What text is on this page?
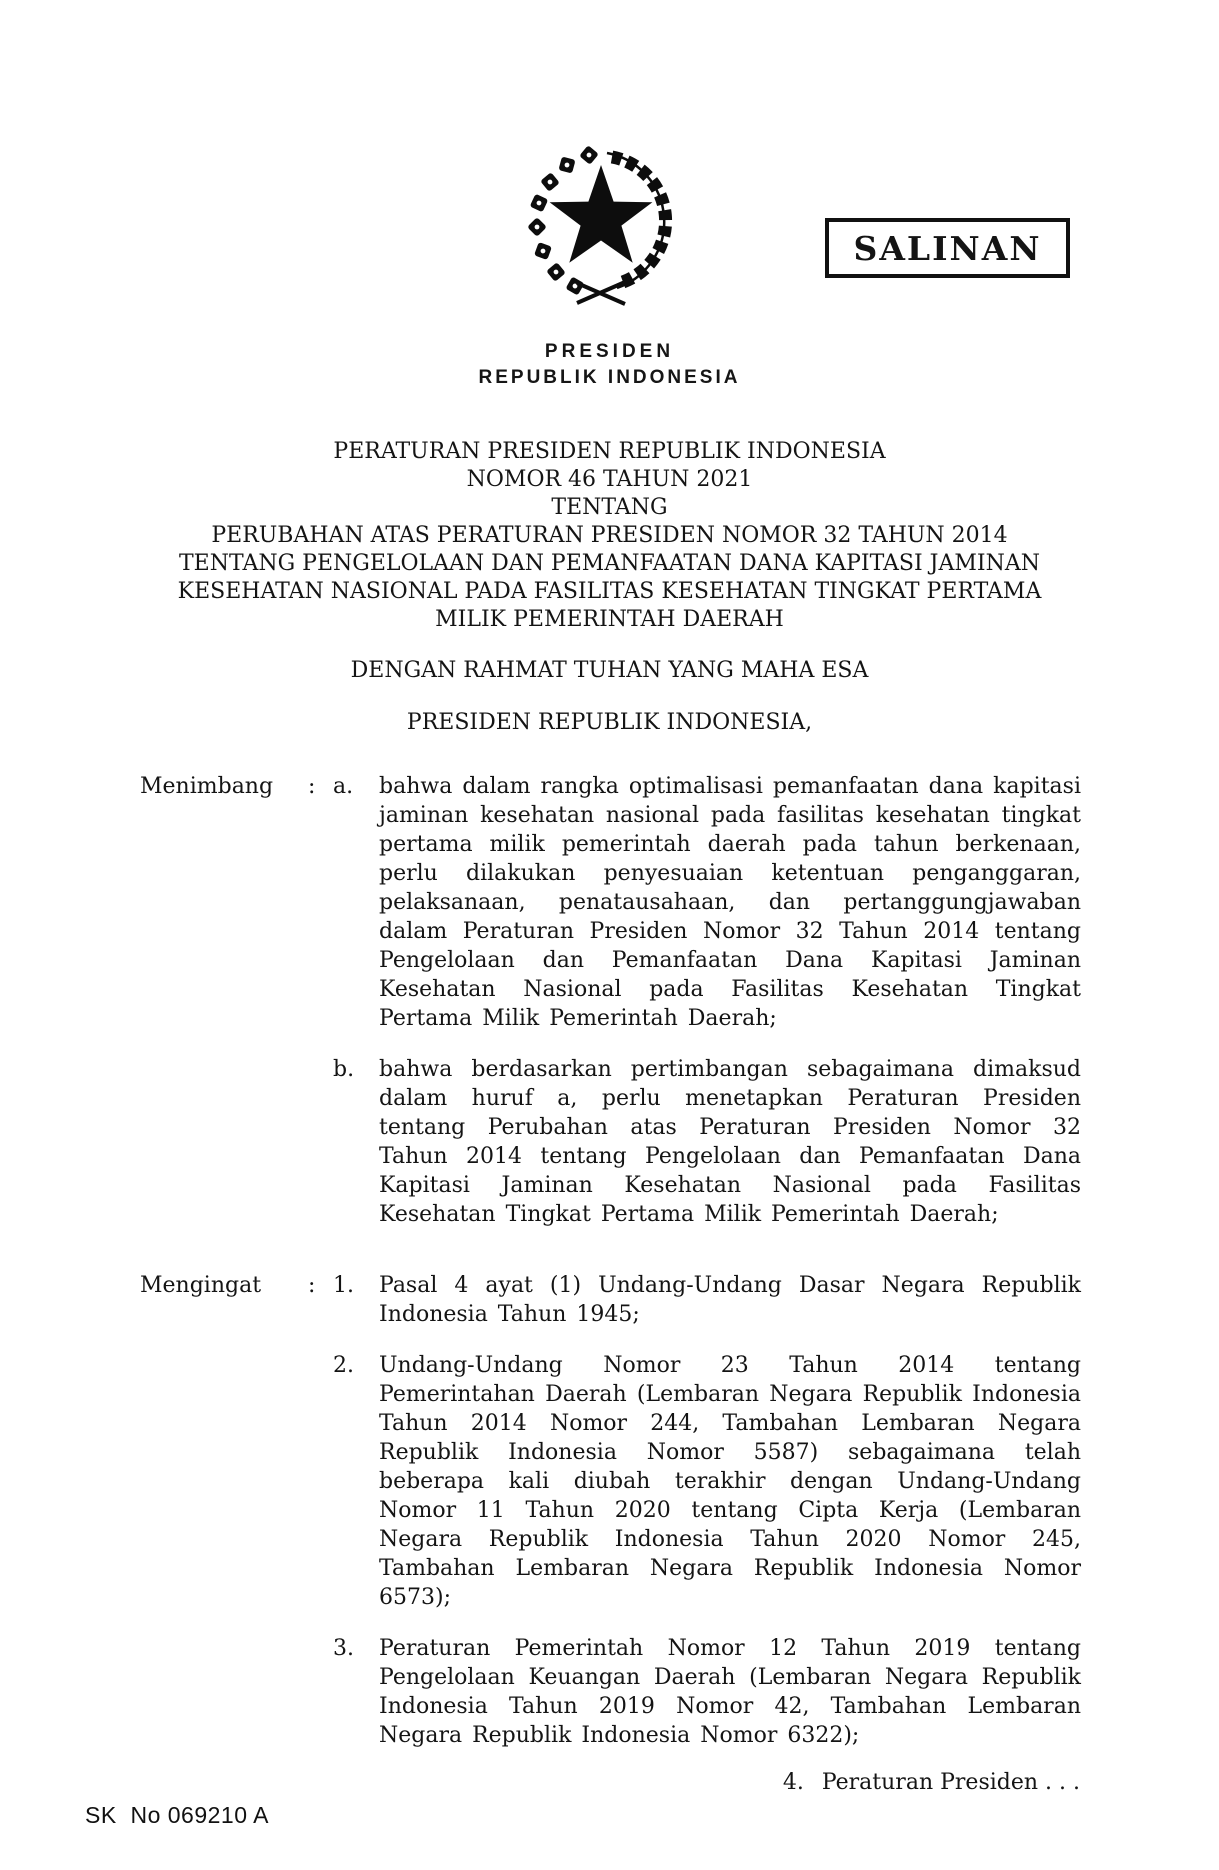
SALINAN
PRESIDEN
REPUBLIK INDONESIA
PERATURAN PRESIDEN REPUBLIK INDONESIA
NOMOR 46 TAHUN 2021
TENTANG
PERUBAHAN ATAS PERATURAN PRESIDEN NOMOR 32 TAHUN 2014
TENTANG PENGELOLAAN DAN PEMANFAATAN DANA KAPITASI JAMINAN
KESEHATAN NASIONAL PADA FASILITAS KESEHATAN TINGKAT PERTAMA
MILIK PEMERINTAH DAERAH
DENGAN RAHMAT TUHAN YANG MAHA ESA
PRESIDEN REPUBLIK INDONESIA,
Menimbang	: a.	bahwa dalam rangka optimalisasi pemanfaatan dana kapitasi jaminan kesehatan nasional pada fasilitas kesehatan tingkat pertama milik pemerintah daerah pada tahun berkenaan, perlu dilakukan penyesuaian ketentuan penganggaran, pelaksanaan, penatausahaan, dan pertanggungjawaban dalam Peraturan Presiden Nomor 32 Tahun 2014 tentang Pengelolaan dan Pemanfaatan Dana Kapitasi Jaminan Kesehatan Nasional pada Fasilitas Kesehatan Tingkat Pertama Milik Pemerintah Daerah;
b.	bahwa berdasarkan pertimbangan sebagaimana dimaksud dalam huruf a, perlu menetapkan Peraturan Presiden tentang Perubahan atas Peraturan Presiden Nomor 32 Tahun 2014 tentang Pengelolaan dan Pemanfaatan Dana Kapitasi Jaminan Kesehatan Nasional pada Fasilitas Kesehatan Tingkat Pertama Milik Pemerintah Daerah;
Mengingat	: 1.	Pasal 4 ayat (1) Undang-Undang Dasar Negara Republik Indonesia Tahun 1945;
2.	Undang-Undang Nomor 23 Tahun 2014 tentang Pemerintahan Daerah (Lembaran Negara Republik Indonesia Tahun 2014 Nomor 244, Tambahan Lembaran Negara Republik Indonesia Nomor 5587) sebagaimana telah beberapa kali diubah terakhir dengan Undang-Undang Nomor 11 Tahun 2020 tentang Cipta Kerja (Lembaran Negara Republik Indonesia Tahun 2020 Nomor 245, Tambahan Lembaran Negara Republik Indonesia Nomor 6573);
3.	Peraturan Pemerintah Nomor 12 Tahun 2019 tentang Pengelolaan Keuangan Daerah (Lembaran Negara Republik Indonesia Tahun 2019 Nomor 42, Tambahan Lembaran Negara Republik Indonesia Nomor 6322);

4. Peraturan Presiden . . .

SK  No 069210 A
